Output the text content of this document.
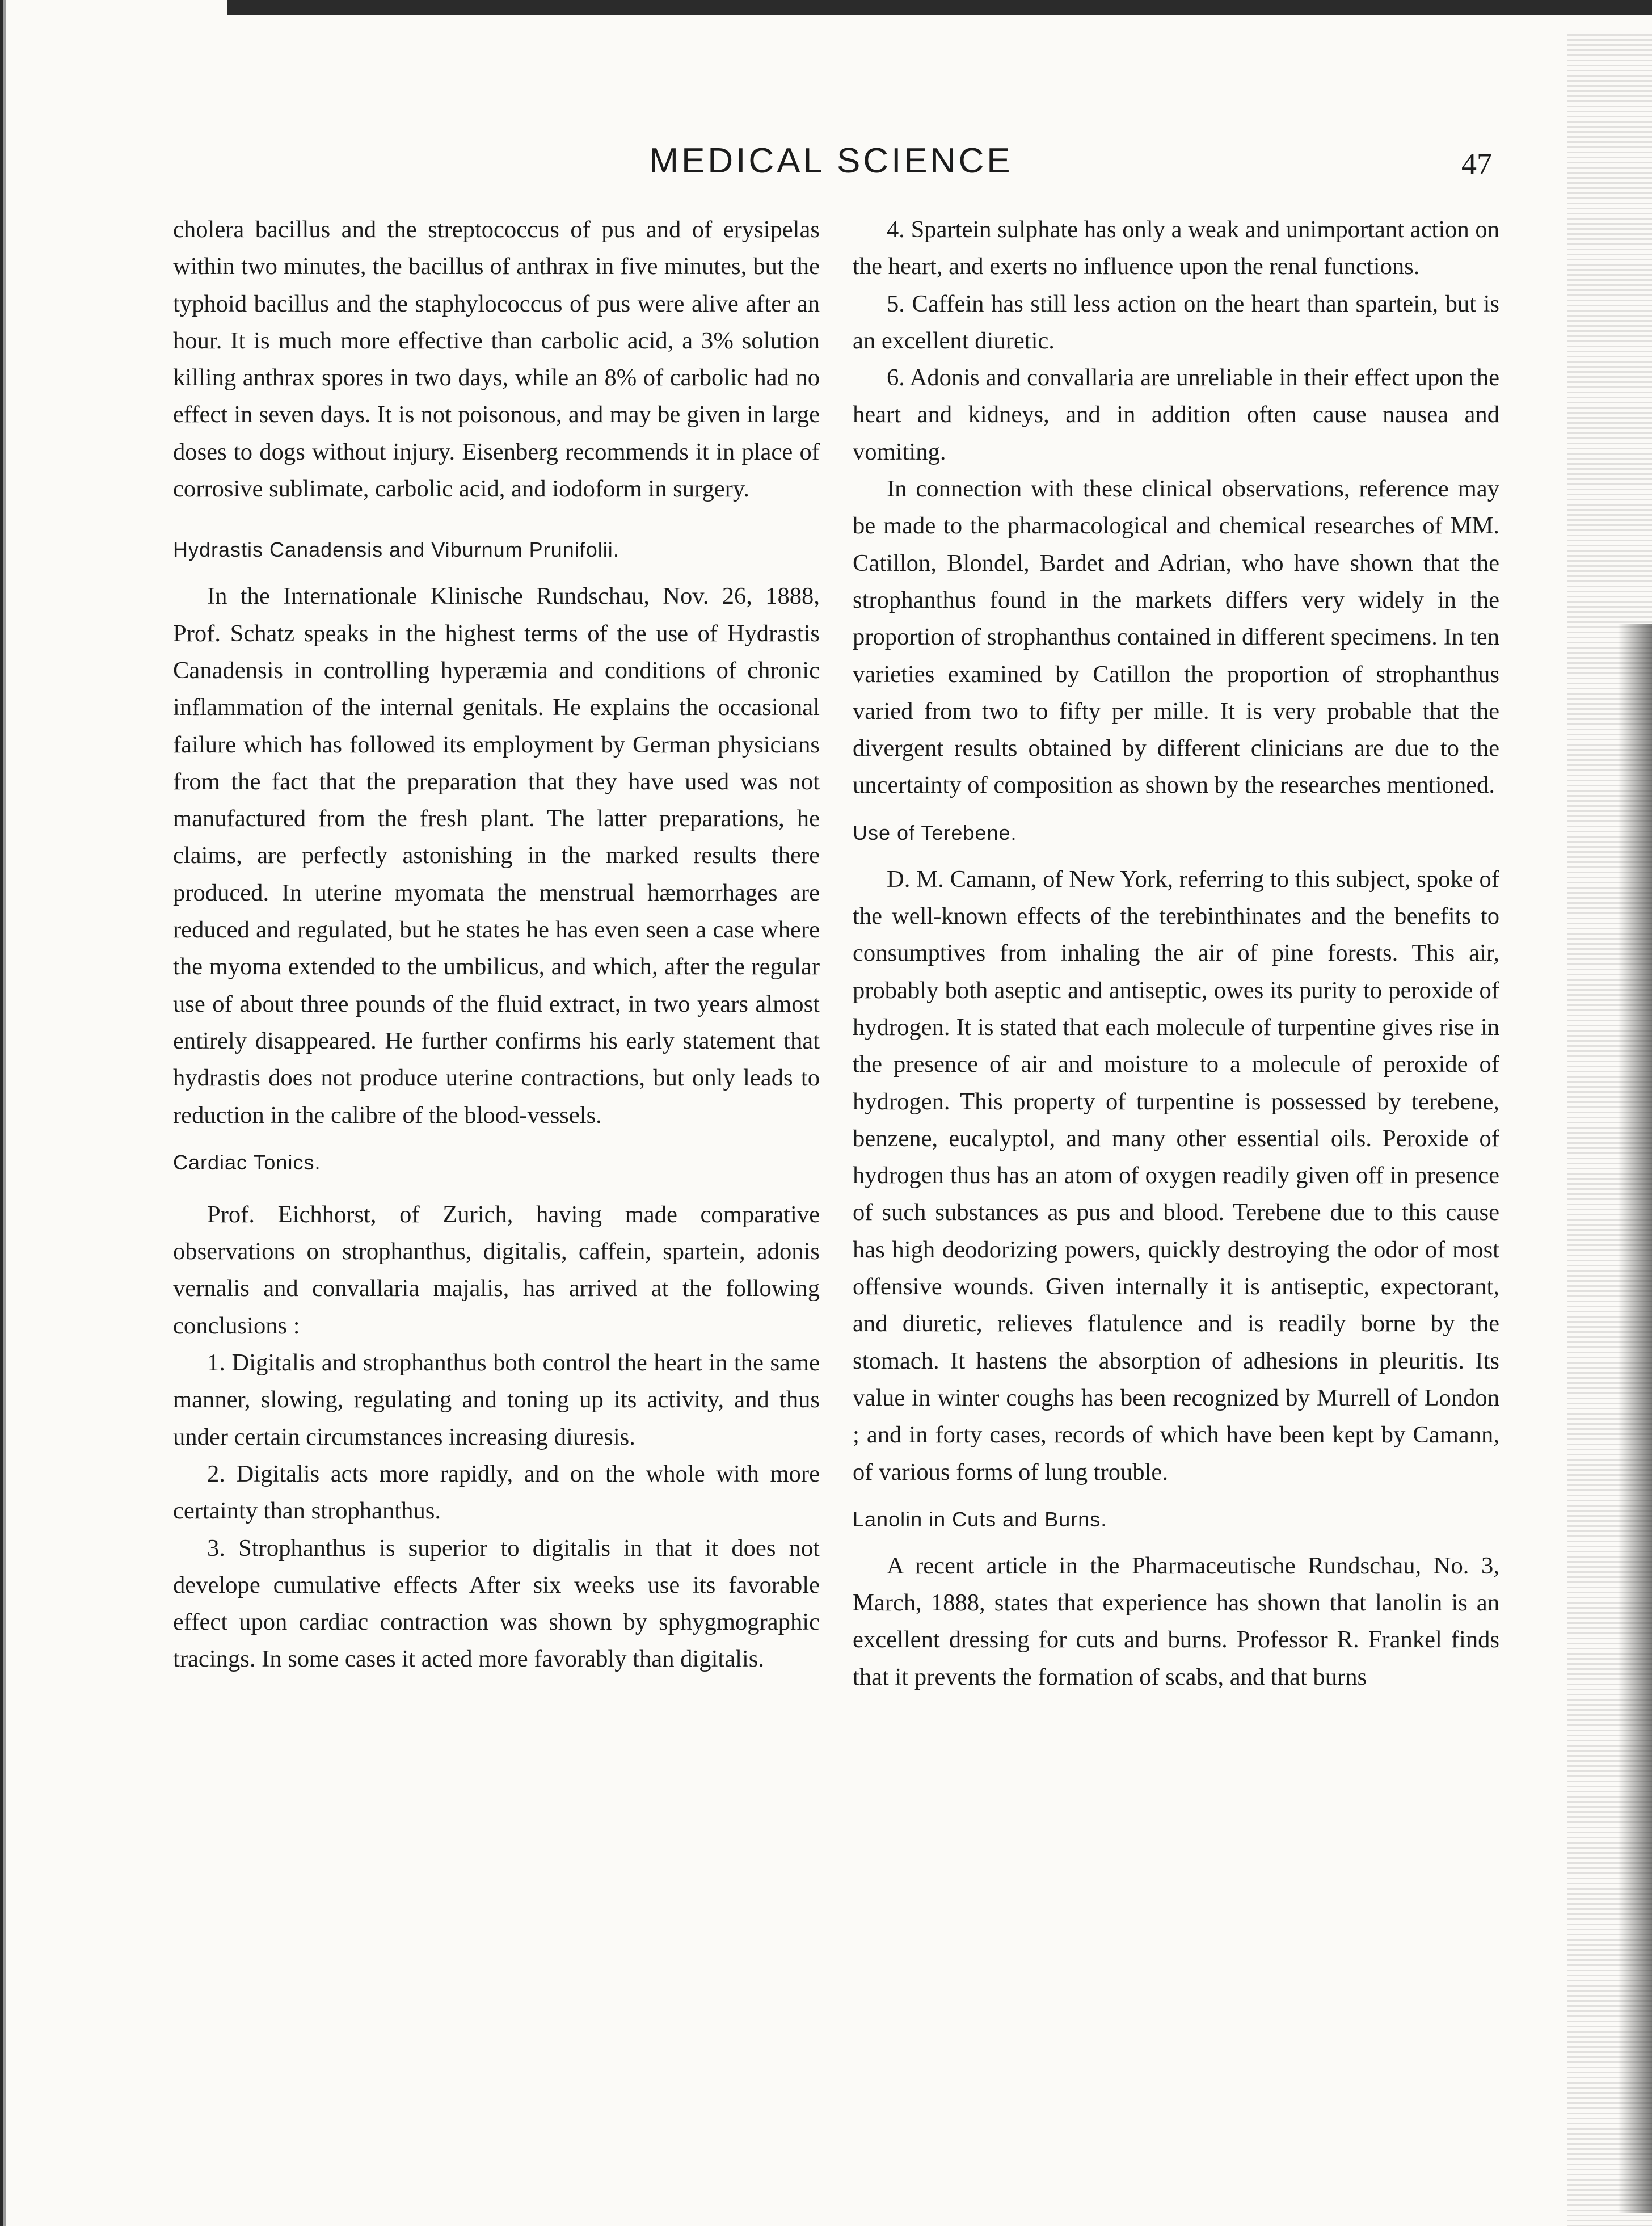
MEDICAL SCIENCE	47

cholera bacillus and the streptococcus of pus and of erysipelas within two minutes, the bacillus of anthrax in five minutes, but the typhoid bacillus and the staphylococcus of pus were alive after an hour. It is much more effective than carbolic acid, a 3% solution killing anthrax spores in two days, while an 8% of carbolic had no effect in seven days. It is not poisonous, and may be given in large doses to dogs without injury. Eisenberg recommends it in place of corrosive sublimate, carbolic acid, and iodoform in surgery.

Hydrastis Canadensis and Viburnum Prunifolii.

In the Internationale Klinische Rundschau, Nov. 26, 1888, Prof. Schatz speaks in the highest terms of the use of Hydrastis Canadensis in controlling hyperæmia and conditions of chronic inflammation of the internal genitals. He explains the occasional failure which has followed its employment by German physicians from the fact that the preparation that they have used was not manufactured from the fresh plant. The latter preparations, he claims, are perfectly astonishing in the marked results there produced. In uterine myomata the menstrual hæmorrhages are reduced and regulated, but he states he has even seen a case where the myoma extended to the umbilicus, and which, after the regular use of about three pounds of the fluid extract, in two years almost entirely disappeared. He further confirms his early statement that hydrastis does not produce uterine contractions, but only leads to reduction in the calibre of the blood-vessels.

Cardiac Tonics.

Prof. Eichhorst, of Zurich, having made comparative observations on strophanthus, digitalis, caffein, spartein, adonis vernalis and convallaria majalis, has arrived at the following conclusions :

1. Digitalis and strophanthus both control the heart in the same manner, slowing, regulating and toning up its activity, and thus under certain circumstances increasing diuresis.

2. Digitalis acts more rapidly, and on the whole with more certainty than strophanthus.

3. Strophanthus is superior to digitalis in that it does not develope cumulative effects After six weeks use its favorable effect upon cardiac contraction was shown by sphygmographic tracings. In some cases it acted more favorably than digitalis.

4. Spartein sulphate has only a weak and unimportant action on the heart, and exerts no influence upon the renal functions.

5. Caffein has still less action on the heart than spartein, but is an excellent diuretic.

6. Adonis and convallaria are unreliable in their effect upon the heart and kidneys, and in addition often cause nausea and vomiting.

In connection with these clinical observations, reference may be made to the pharmacological and chemical researches of MM. Catillon, Blondel, Bardet and Adrian, who have shown that the strophanthus found in the markets differs very widely in the proportion of strophanthus contained in different specimens. In ten varieties examined by Catillon the proportion of strophanthus varied from two to fifty per mille. It is very probable that the divergent results obtained by different clinicians are due to the uncertainty of composition as shown by the researches mentioned.

Use of Terebene.

D. M. Camann, of New York, referring to this subject, spoke of the well-known effects of the terebinthinates and the benefits to consumptives from inhaling the air of pine forests. This air, probably both aseptic and antiseptic, owes its purity to peroxide of hydrogen. It is stated that each molecule of turpentine gives rise in the presence of air and moisture to a molecule of peroxide of hydrogen. This property of turpentine is possessed by terebene, benzene, eucalyptol, and many other essential oils. Peroxide of hydrogen thus has an atom of oxygen readily given off in presence of such substances as pus and blood. Terebene due to this cause has high deodorizing powers, quickly destroying the odor of most offensive wounds. Given internally it is antiseptic, expectorant, and diuretic, relieves flatulence and is readily borne by the stomach. It hastens the absorption of adhesions in pleuritis. Its value in winter coughs has been recognized by Murrell of London ; and in forty cases, records of which have been kept by Camann, of various forms of lung trouble.

Lanolin in Cuts and Burns.

A recent article in the Pharmaceutische Rundschau, No. 3, March, 1888, states that experience has shown that lanolin is an excellent dressing for cuts and burns. Professor R. Frankel finds that it prevents the formation of scabs, and that burns
